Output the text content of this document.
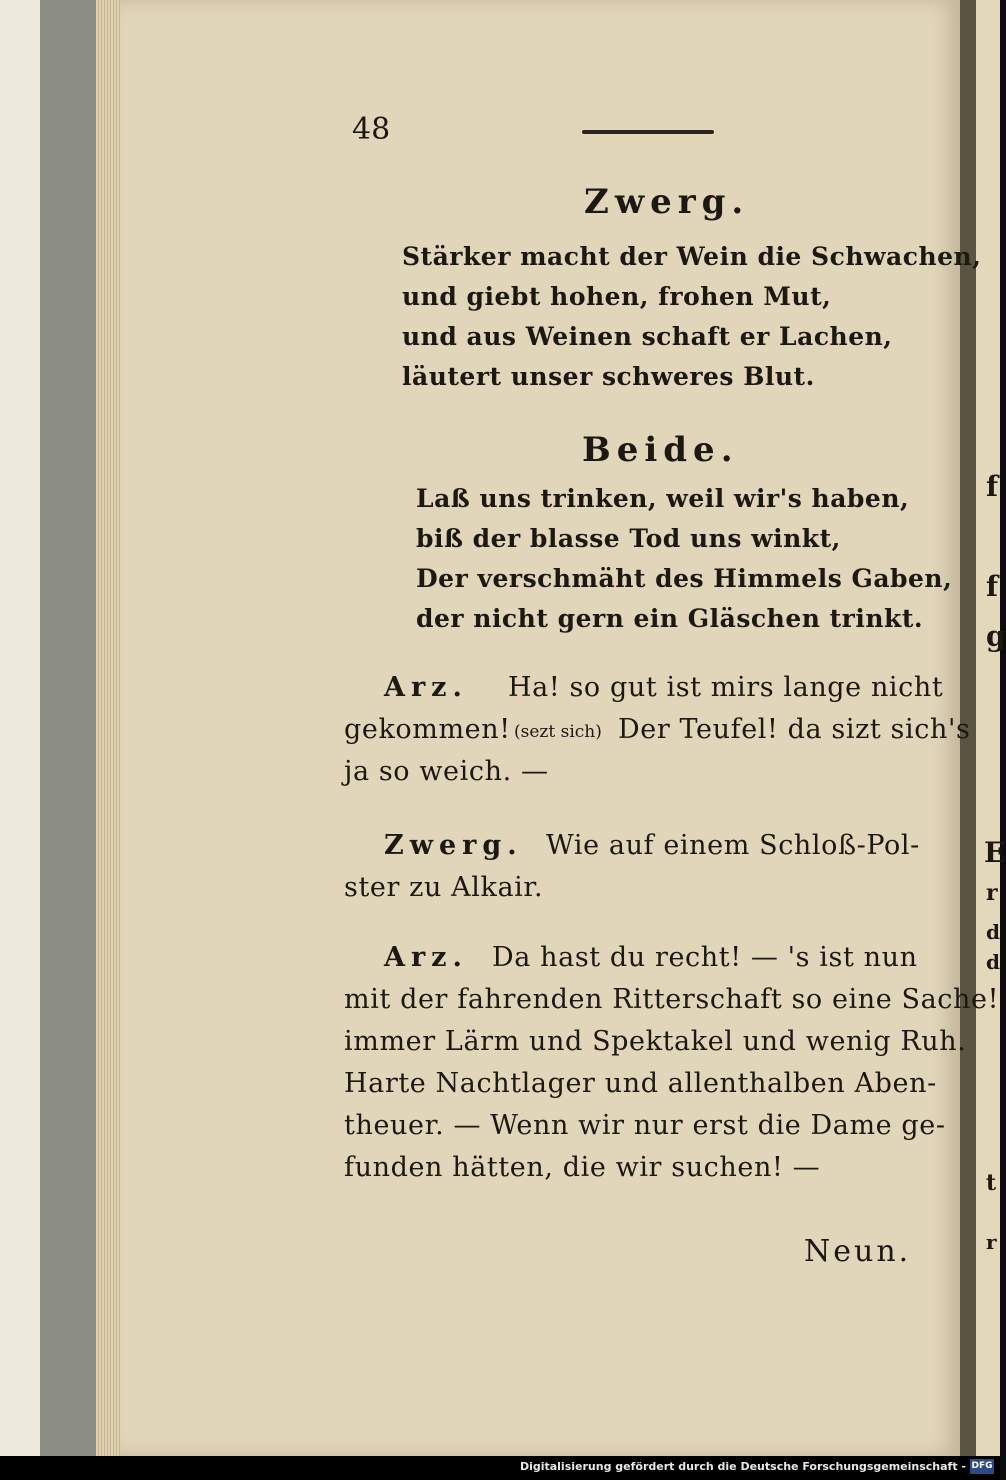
f
f
g
E
r
d
d
t
r
48
Zwerg.
Stärker macht der Wein die Schwachen,
und giebt hohen, frohen Mut,
und aus Weinen schaft er Lachen,
läutert unser schweres Blut.
Beide.
Laß uns trinken, weil wir's haben,
biß der blasse Tod uns winkt,
Der verschmäht des Himmels Gaben,
der nicht gern ein Gläschen trinkt.
Arz. Ha! so gut ist mirs lange nicht
gekommen! (sezt sich) Der Teufel! da sizt sich's
ja so weich. —
Zwerg. Wie auf einem Schloß-Pol-
ster zu Alkair.
Arz. Da hast du recht! — 's ist nun
mit der fahrenden Ritterschaft so eine Sache!
immer Lärm und Spektakel und wenig Ruh.
Harte Nachtlager und allenthalben Aben-
theuer. — Wenn wir nur erst die Dame ge-
funden hätten, die wir suchen! —
Neun.
Digitalisierung gefördert durch die Deutsche Forschungsgemeinschaft - DFG
